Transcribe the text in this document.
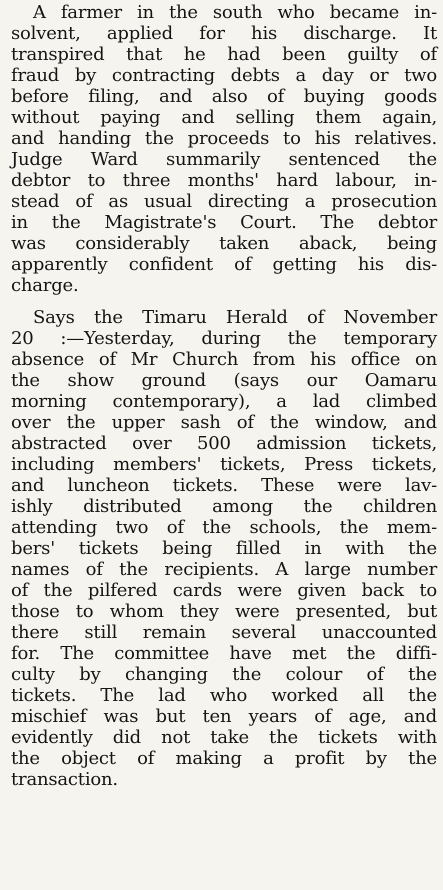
A farmer in the south who became in-
solvent, applied for his discharge. It
transpired that he had been guilty of
fraud by contracting debts a day or two
before filing, and also of buying goods
without paying and selling them again,
and handing the proceeds to his relatives.
Judge Ward summarily sentenced the
debtor to three months' hard labour, in-
stead of as usual directing a prosecution
in the Magistrate's Court. The debtor
was considerably taken aback, being
apparently confident of getting his dis-
charge.
Says the Timaru Herald of November
20 :—Yesterday, during the temporary
absence of Mr Church from his office on
the show ground (says our Oamaru
morning contemporary), a lad climbed
over the upper sash of the window, and
abstracted over 500 admission tickets,
including members' tickets, Press tickets,
and luncheon tickets. These were lav-
ishly distributed among the children
attending two of the schools, the mem-
bers' tickets being filled in with the
names of the recipients. A large number
of the pilfered cards were given back to
those to whom they were presented, but
there still remain several unaccounted
for. The committee have met the diffi-
culty by changing the colour of the
tickets. The lad who worked all the
mischief was but ten years of age, and
evidently did not take the tickets with
the object of making a profit by the
transaction.
